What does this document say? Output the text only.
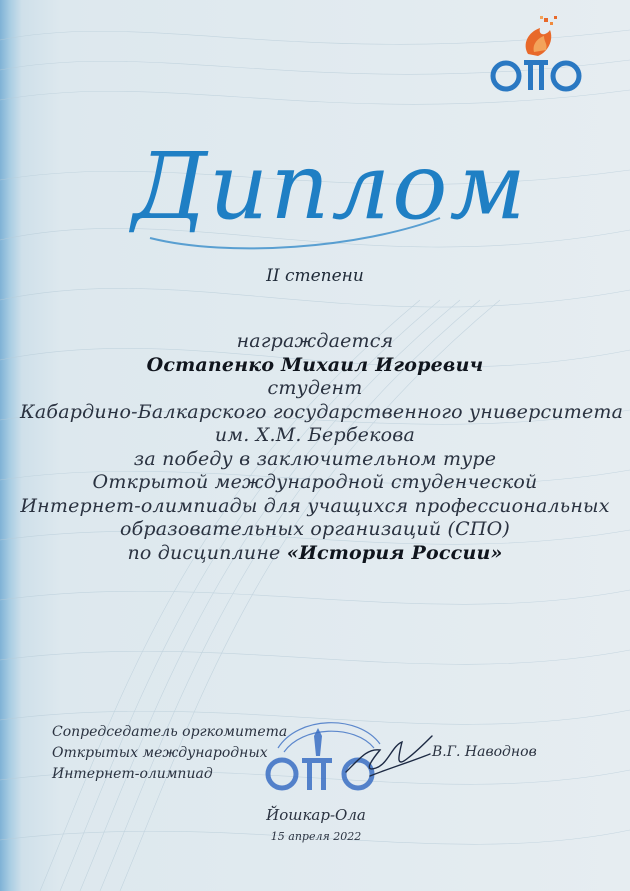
Диплом
II степени
награждается
Остапенко Михаил Игоревич
студент
Кабардино-Балкарского государственного университета
им. Х.М. Бербекова
за победу в заключительном туре
Открытой международной студенческой
Интернет-олимпиады для учащихся профессиональных
образовательных организаций (СПО)
по дисциплине «История России»
Сопредседатель оргкомитета
Открытых международных
Интернет-олимпиад
В.Г. Наводнов
Йошкар-Ола
15 апреля 2022
